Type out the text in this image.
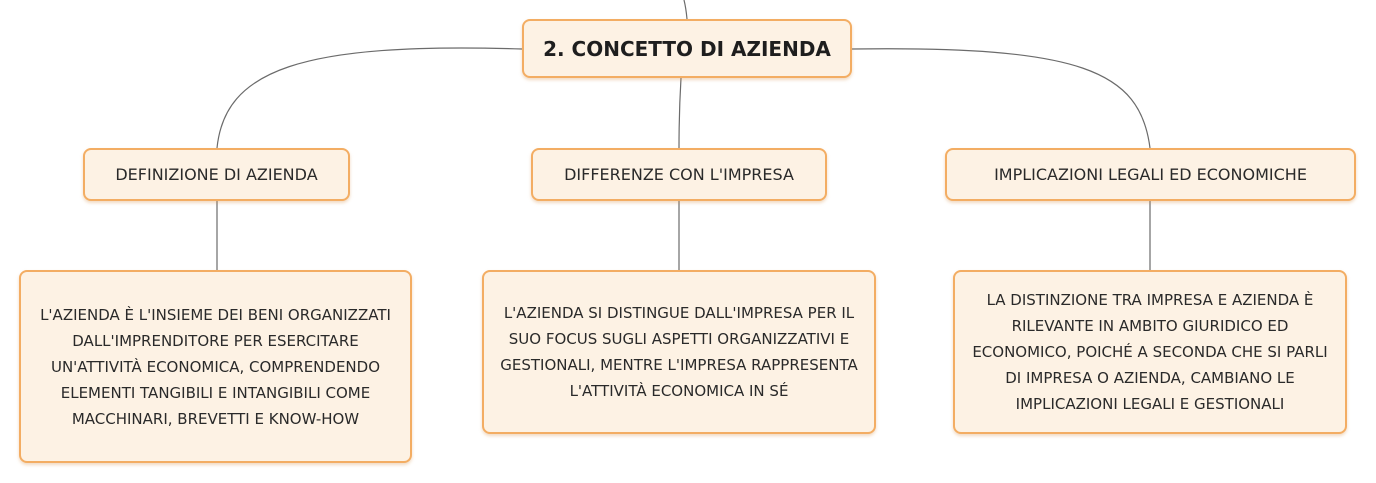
2. CONCETTO DI AZIENDA
DEFINIZIONE DI AZIENDA	DIFFERENZE CON L'IMPRESA	IMPLICAZIONI LEGALI ED ECONOMICHE
L'AZIENDA È L'INSIEME DEI BENI ORGANIZZATI DALL'IMPRENDITORE PER ESERCITARE UN'ATTIVITÀ ECONOMICA, COMPRENDENDO ELEMENTI TANGIBILI E INTANGIBILI COME MACCHINARI, BREVETTI E KNOW-HOW
L'AZIENDA SI DISTINGUE DALL'IMPRESA PER IL SUO FOCUS SUGLI ASPETTI ORGANIZZATIVI E GESTIONALI, MENTRE L'IMPRESA RAPPRESENTA L'ATTIVITÀ ECONOMICA IN SÉ
LA DISTINZIONE TRA IMPRESA E AZIENDA È RILEVANTE IN AMBITO GIURIDICO ED ECONOMICO, POICHÉ A SECONDA CHE SI PARLI DI IMPRESA O AZIENDA, CAMBIANO LE IMPLICAZIONI LEGALI E GESTIONALI
